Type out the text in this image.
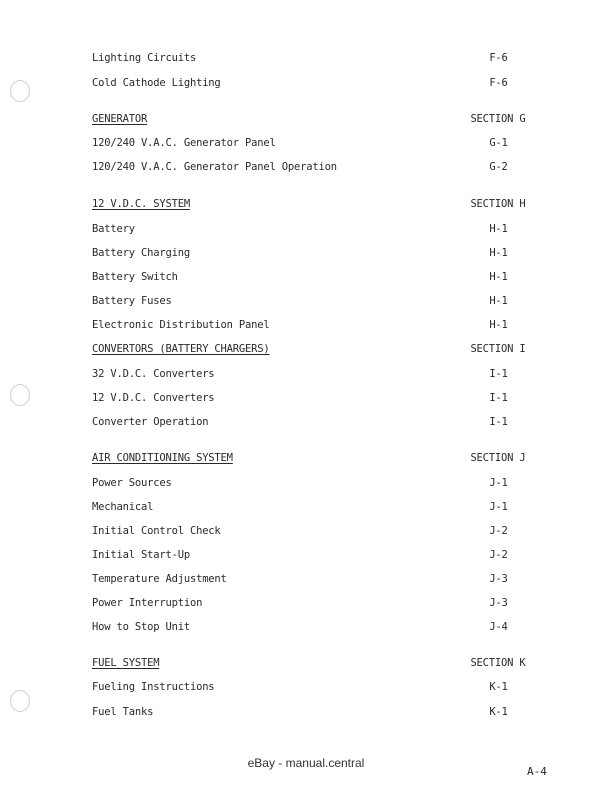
Lighting Circuits	F-6
Cold Cathode Lighting	F-6
GENERATOR	SECTION G
120/240 V.A.C. Generator Panel	G-1
120/240 V.A.C. Generator Panel Operation	G-2
12 V.D.C. SYSTEM	SECTION H
Battery	H-1
Battery Charging	H-1
Battery Switch	H-1
Battery Fuses	H-1
Electronic Distribution Panel	H-1
CONVERTORS (BATTERY CHARGERS)	SECTION I
32 V.D.C. Converters	I-1
12 V.D.C. Converters	I-1
Converter Operation	I-1
AIR CONDITIONING SYSTEM	SECTION J
Power Sources	J-1
Mechanical	J-1
Initial Control Check	J-2
Initial Start-Up	J-2
Temperature Adjustment	J-3
Power Interruption	J-3
How to Stop Unit	J-4
FUEL SYSTEM	SECTION K
Fueling Instructions	K-1
Fuel Tanks	K-1
eBay - manual.central
A-4
